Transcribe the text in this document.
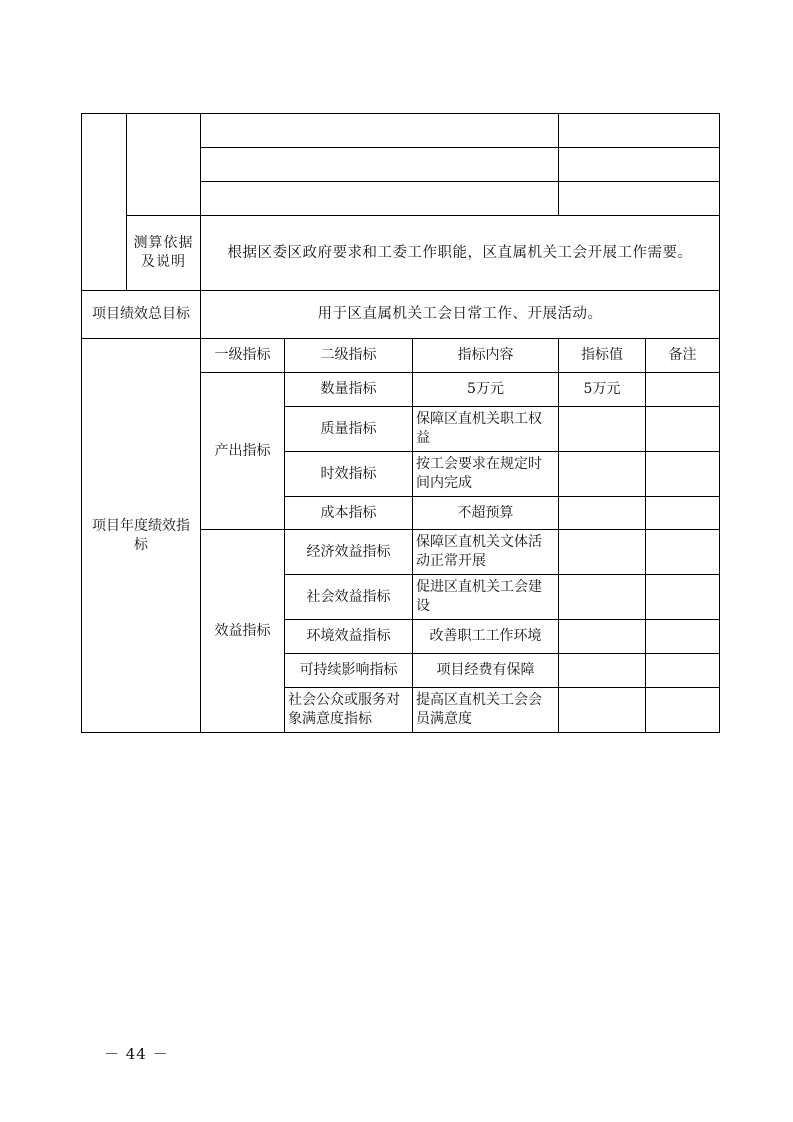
	测算依据及说明	根据区委区政府要求和工委工作职能，区直属机关工会开展工作需要。				
项目绩效总目标		用于区直属机关工会日常工作、开展活动。				
项目年度绩效指标		一级指标	二级指标	指标内容	指标值	备注
		产出指标	数量指标	5万元	5万元	
			质量指标	保障区直机关职工权益		
			时效指标	按工会要求在规定时间内完成		
			成本指标	不超预算		
		效益指标	经济效益指标	保障区直机关文体活动正常开展		
			社会效益指标	促进区直机关工会建设		
			环境效益指标	改善职工工作环境		
			可持续影响指标	项目经费有保障		
			社会公众或服务对象满意度指标	提高区直机关工会会员满意度		
－ 44 －
